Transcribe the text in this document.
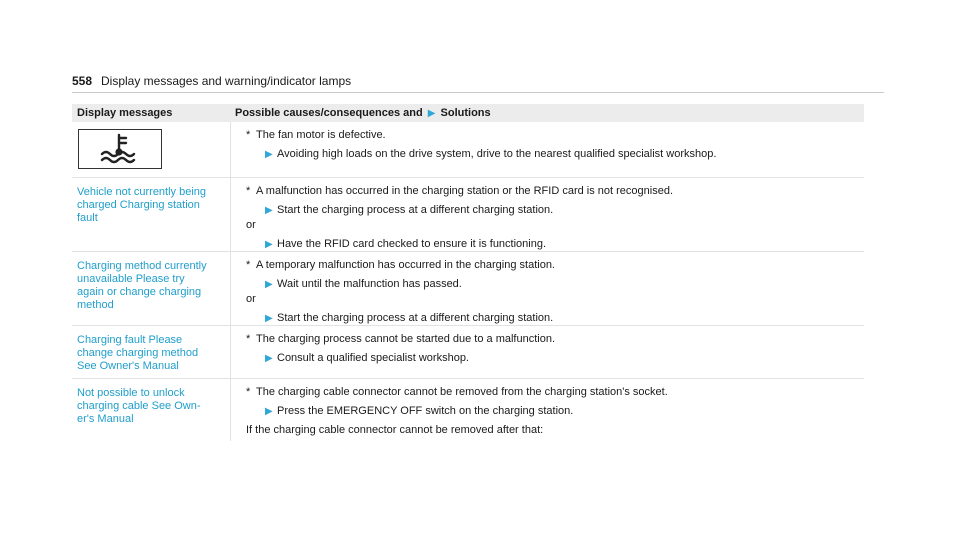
558 Display messages and warning/indicator lamps
Display messages	Possible causes/consequences and ▶ Solutions
* The fan motor is defective.
▶ Avoiding high loads on the drive system, drive to the nearest qualified specialist workshop.
Vehicle not currently being
charged Charging station
fault
* A malfunction has occurred in the charging station or the RFID card is not recognised.
▶ Start the charging process at a different charging station.
or
▶ Have the RFID card checked to ensure it is functioning.
Charging method currently
unavailable Please try
again or change charging
method
* A temporary malfunction has occurred in the charging station.
▶ Wait until the malfunction has passed.
or
▶ Start the charging process at a different charging station.
Charging fault Please
change charging method
See Owner's Manual
* The charging process cannot be started due to a malfunction.
▶ Consult a qualified specialist workshop.
Not possible to unlock
charging cable See Own-
er's Manual
* The charging cable connector cannot be removed from the charging station's socket.
▶ Press the EMERGENCY OFF switch on the charging station.
If the charging cable connector cannot be removed after that:
